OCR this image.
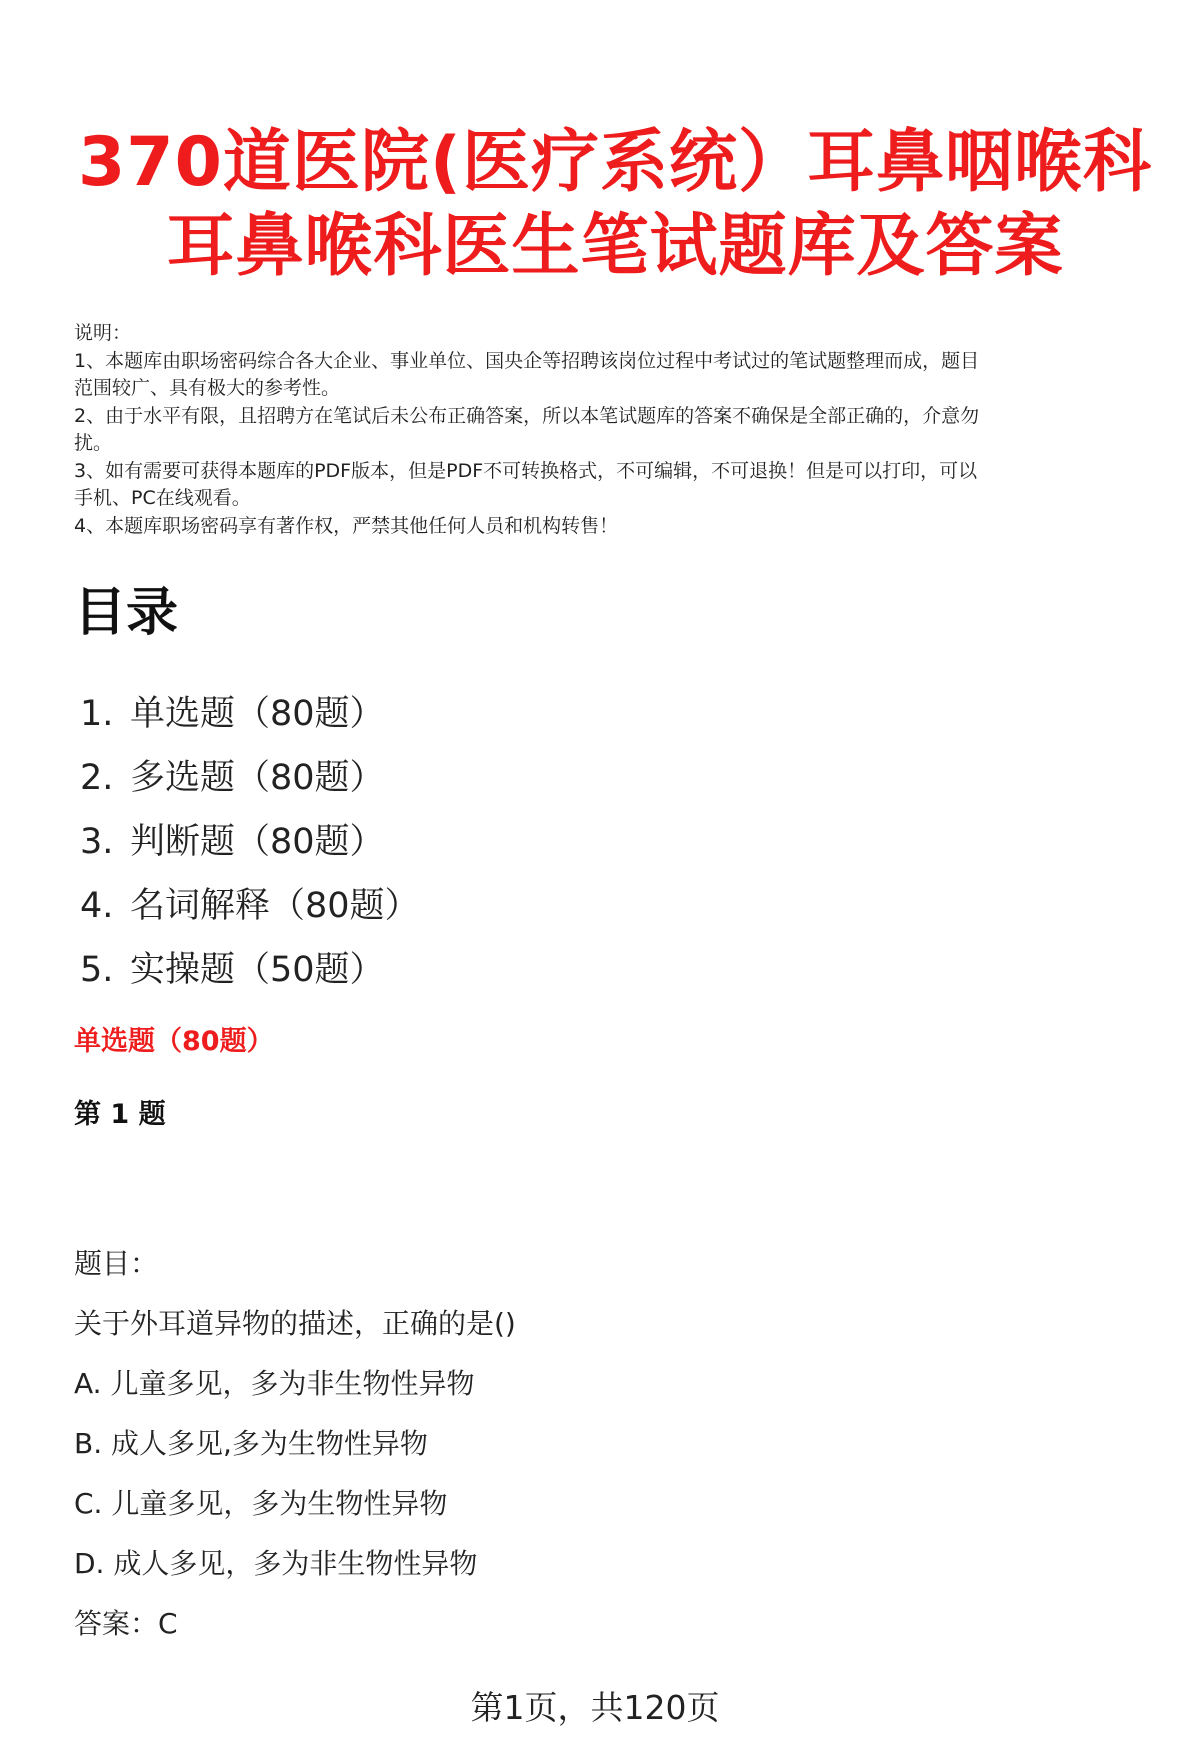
370道医院(医疗系统）耳鼻咽喉科
耳鼻喉科医生笔试题库及答案
说明：
1、本题库由职场密码综合各大企业、事业单位、国央企等招聘该岗位过程中考试过的笔试题整理而成，题目
范围较广、具有极大的参考性。
2、由于水平有限，且招聘方在笔试后未公布正确答案，所以本笔试题库的答案不确保是全部正确的，介意勿
扰。
3、如有需要可获得本题库的PDF版本，但是PDF不可转换格式，不可编辑，不可退换！但是可以打印，可以
手机、PC在线观看。
4、本题库职场密码享有著作权，严禁其他任何人员和机构转售！
目录
1. 单选题（80题）
2. 多选题（80题）
3. 判断题（80题）
4. 名词解释（80题）
5. 实操题（50题）
单选题（80题）
第 1 题
题目：
关于外耳道异物的描述，正确的是()
A. 儿童多见，多为非生物性异物
B. 成人多见,多为生物性异物
C. 儿童多见，多为生物性异物
D. 成人多见，多为非生物性异物
答案：C
第1页，共120页
